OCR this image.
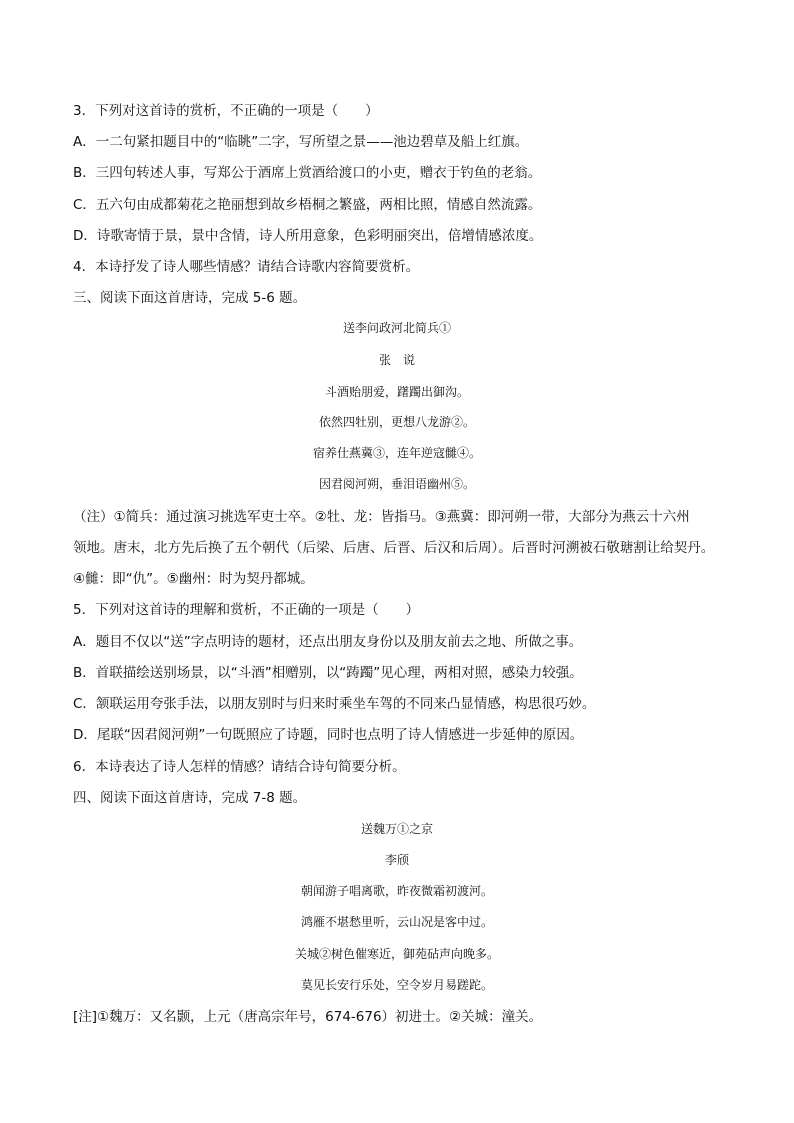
3．下列对这首诗的赏析，不正确的一项是（　　）
A．一二句紧扣题目中的“临眺”二字，写所望之景——池边碧草及船上红旗。
B．三四句转述人事，写郑公于酒席上赏酒给渡口的小吏，赠衣于钓鱼的老翁。
C．五六句由成都菊花之艳丽想到故乡梧桐之繁盛，两相比照，情感自然流露。
D．诗歌寄情于景，景中含情，诗人所用意象，色彩明丽突出，倍增情感浓度。
4．本诗抒发了诗人哪些情感？请结合诗歌内容简要赏析。
三、阅读下面这首唐诗，完成 5-6 题。
送李问政河北简兵①
张　说
斗酒贻朋爱，躇躅出御沟。
依然四牡别，更想八龙游②。
宿养仕燕冀③，连年逆寇雠④。
因君阅河朔，垂泪语幽州⑤。
（注）①简兵：通过演习挑选军吏士卒。②牡、龙：皆指马。③燕冀：即河朔一带，大部分为燕云十六州
领地。唐末，北方先后换了五个朝代（后梁、后唐、后晋、后汉和后周）。后晋时河溯被石敬瑭割让给契丹。
④雠：即“仇”。⑤幽州：时为契丹都城。
5．下列对这首诗的理解和赏析，不正确的一项是（　　）
A．题目不仅以“送”字点明诗的题材，还点出朋友身份以及朋友前去之地、所做之事。
B．首联描绘送别场景，以“斗酒”相赠别，以“踌躅”见心理，两相对照，感染力较强。
C．颔联运用夸张手法，以朋友别时与归来时乘坐车驾的不同来凸显情感，构思很巧妙。
D．尾联“因君阅河朔”一句既照应了诗题，同时也点明了诗人情感进一步延伸的原因。
6．本诗表达了诗人怎样的情感？请结合诗句简要分析。
四、阅读下面这首唐诗，完成 7-8 题。
送魏万①之京
李颀
朝闻游子唱离歌，昨夜微霜初渡河。
鸿雁不堪愁里听，云山况是客中过。
关城②树色催寒近，御苑砧声向晚多。
莫见长安行乐处，空令岁月易蹉跎。
[注]①魏万：又名颢，上元（唐高宗年号，674-676）初进士。②关城：潼关。
